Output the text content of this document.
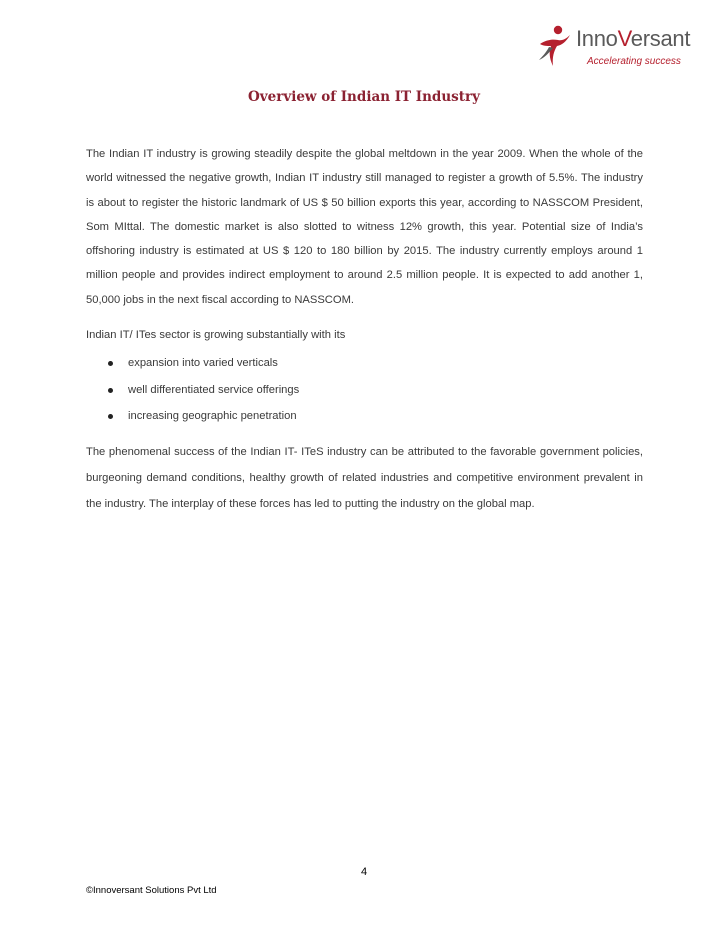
InnoVersant
Accelerating success
Overview of Indian IT Industry

The Indian IT industry is growing steadily despite the global meltdown in the year 2009. When the whole of the world witnessed the negative growth, Indian IT industry still managed to register a growth of 5.5%. The industry is about to register the historic landmark of US $ 50 billion exports this year, according to NASSCOM President, Som MIttal. The domestic market is also slotted to witness 12% growth, this year. Potential size of India’s offshoring industry is estimated at US $ 120 to 180 billion by 2015. The industry currently employs around 1 million people and provides indirect employment to around 2.5 million people. It is expected to add another 1, 50,000 jobs in the next fiscal according to NASSCOM.

Indian IT/ ITes sector is growing substantially with its

expansion into varied verticals
well differentiated service offerings
increasing geographic penetration

The phenomenal success of the Indian IT- ITeS industry can be attributed to the favorable government policies, burgeoning demand conditions, healthy growth of related industries and competitive environment prevalent in the industry. The interplay of these forces has led to putting the industry on the global map.

4
©Innoversant Solutions Pvt Ltd
